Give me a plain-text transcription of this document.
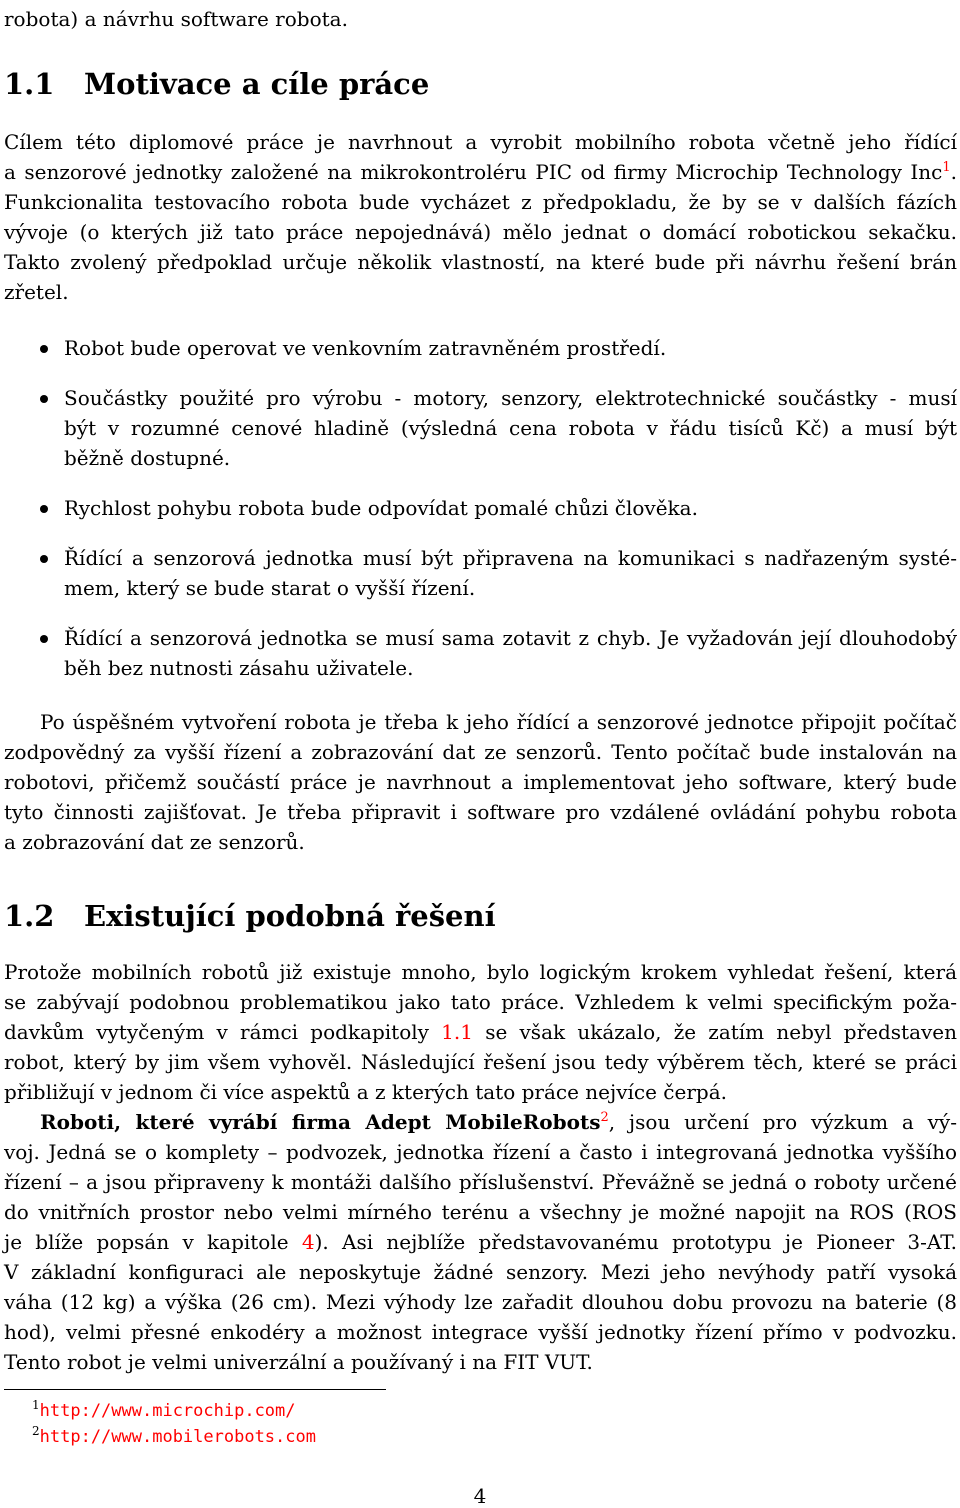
robota) a návrhu software robota.
1.1 Motivace a cíle práce
Cílem této diplomové práce je navrhnout a vyrobit mobilního robota včetně jeho řídící
a senzorové jednotky založené na mikrokontroléru PIC od firmy Microchip Technology Inc$^1$.
Funkcionalita testovacího robota bude vycházet z předpokladu, že by se v dalších fázích
vývoje (o kterých již tato práce nepojednává) mělo jednat o domácí robotickou sekačku.
Takto zvolený předpoklad určuje několik vlastností, na které bude při návrhu řešení brán
zřetel.
Robot bude operovat ve venkovním zatravněném prostředí.
Součástky použité pro výrobu - motory, senzory, elektrotechnické součástky - musí
být v rozumné cenové hladině (výsledná cena robota v řádu tisíců Kč) a musí být
běžně dostupné.
Rychlost pohybu robota bude odpovídat pomalé chůzi člověka.
Řídící a senzorová jednotka musí být připravena na komunikaci s nadřazeným systé-
mem, který se bude starat o vyšší řízení.
Řídící a senzorová jednotka se musí sama zotavit z chyb. Je vyžadován její dlouhodobý
běh bez nutnosti zásahu uživatele.
Po úspěšném vytvoření robota je třeba k jeho řídící a senzorové jednotce připojit počítač
zodpovědný za vyšší řízení a zobrazování dat ze senzorů. Tento počítač bude instalován na
robotovi, přičemž součástí práce je navrhnout a implementovat jeho software, který bude
tyto činnosti zajišťovat. Je třeba připravit i software pro vzdálené ovládání pohybu robota
a zobrazování dat ze senzorů.
1.2 Existující podobná řešení
Protože mobilních robotů již existuje mnoho, bylo logickým krokem vyhledat řešení, která
se zabývají podobnou problematikou jako tato práce. Vzhledem k velmi specifickým poža-
davkům vytyčeným v rámci podkapitoly 1.1 se však ukázalo, že zatím nebyl představen
robot, který by jim všem vyhověl. Následující řešení jsou tedy výběrem těch, které se práci
přibližují v jednom či více aspektů a z kterých tato práce nejvíce čerpá.
Roboti, které vyrábí firma Adept MobileRobots$^2$, jsou určení pro výzkum a vý-
voj. Jedná se o komplety – podvozek, jednotka řízení a často i integrovaná jednotka vyššího
řízení – a jsou připraveny k montáži dalšího příslušenství. Převážně se jedná o roboty určené
do vnitřních prostor nebo velmi mírného terénu a všechny je možné napojit na ROS (ROS
je blíže popsán v kapitole 4). Asi nejblíže představovanému prototypu je Pioneer 3-AT.
V základní konfiguraci ale neposkytuje žádné senzory. Mezi jeho nevýhody patří vysoká
váha (12 kg) a výška (26 cm). Mezi výhody lze zařadit dlouhou dobu provozu na baterie (8
hod), velmi přesné enkodéry a možnost integrace vyšší jednotky řízení přímo v podvozku.
Tento robot je velmi univerzální a používaný i na FIT VUT.
$^1$http://www.microchip.com/
$^2$http://www.mobilerobots.com
4
